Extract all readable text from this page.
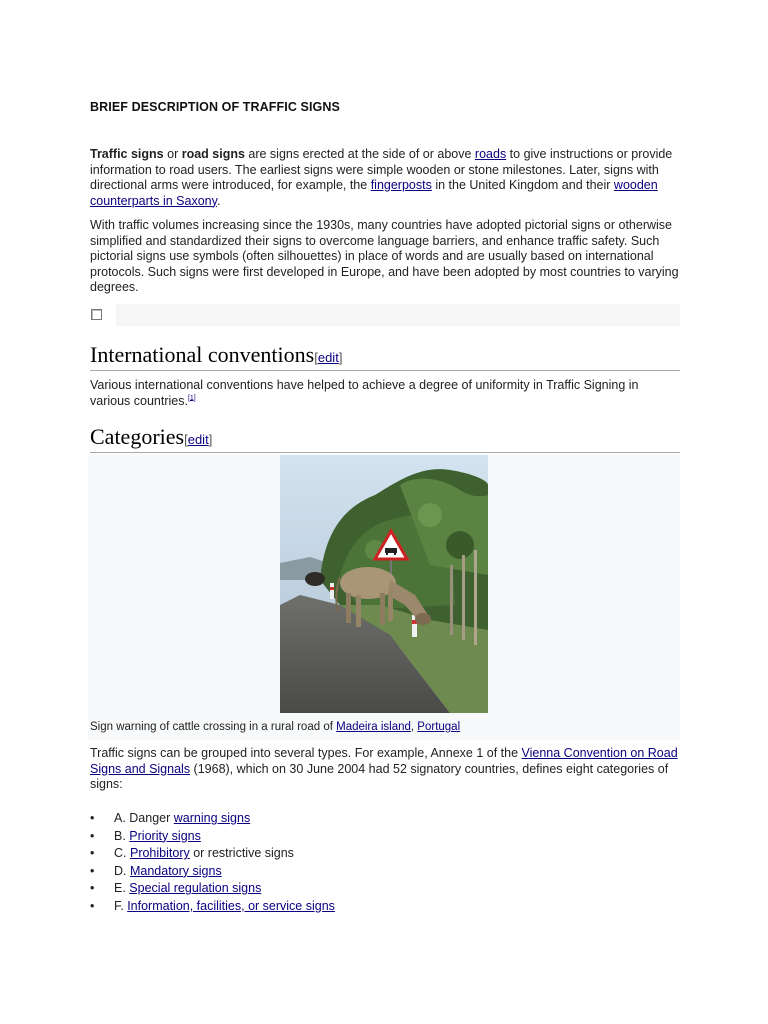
BRIEF DESCRIPTION OF TRAFFIC SIGNS

Traffic signs or road signs are signs erected at the side of or above roads to give instructions or provide information to road users. The earliest signs were simple wooden or stone milestones. Later, signs with directional arms were introduced, for example, the fingerposts in the United Kingdom and their wooden counterparts in Saxony.

With traffic volumes increasing since the 1930s, many countries have adopted pictorial signs or otherwise simplified and standardized their signs to overcome language barriers, and enhance traffic safety. Such pictorial signs use symbols (often silhouettes) in place of words and are usually based on international protocols. Such signs were first developed in Europe, and have been adopted by most countries to varying degrees.

International conventions[edit]

Various international conventions have helped to achieve a degree of uniformity in Traffic Signing in various countries.[1]

Categories[edit]
Sign warning of cattle crossing in a rural road of Madeira island, Portugal

Traffic signs can be grouped into several types. For example, Annexe 1 of the Vienna Convention on Road Signs and Signals (1968), which on 30 June 2004 had 52 signatory countries, defines eight categories of signs:

• A. Danger warning signs
• B. Priority signs
• C. Prohibitory or restrictive signs
• D. Mandatory signs
• E. Special regulation signs
• F. Information, facilities, or service signs
